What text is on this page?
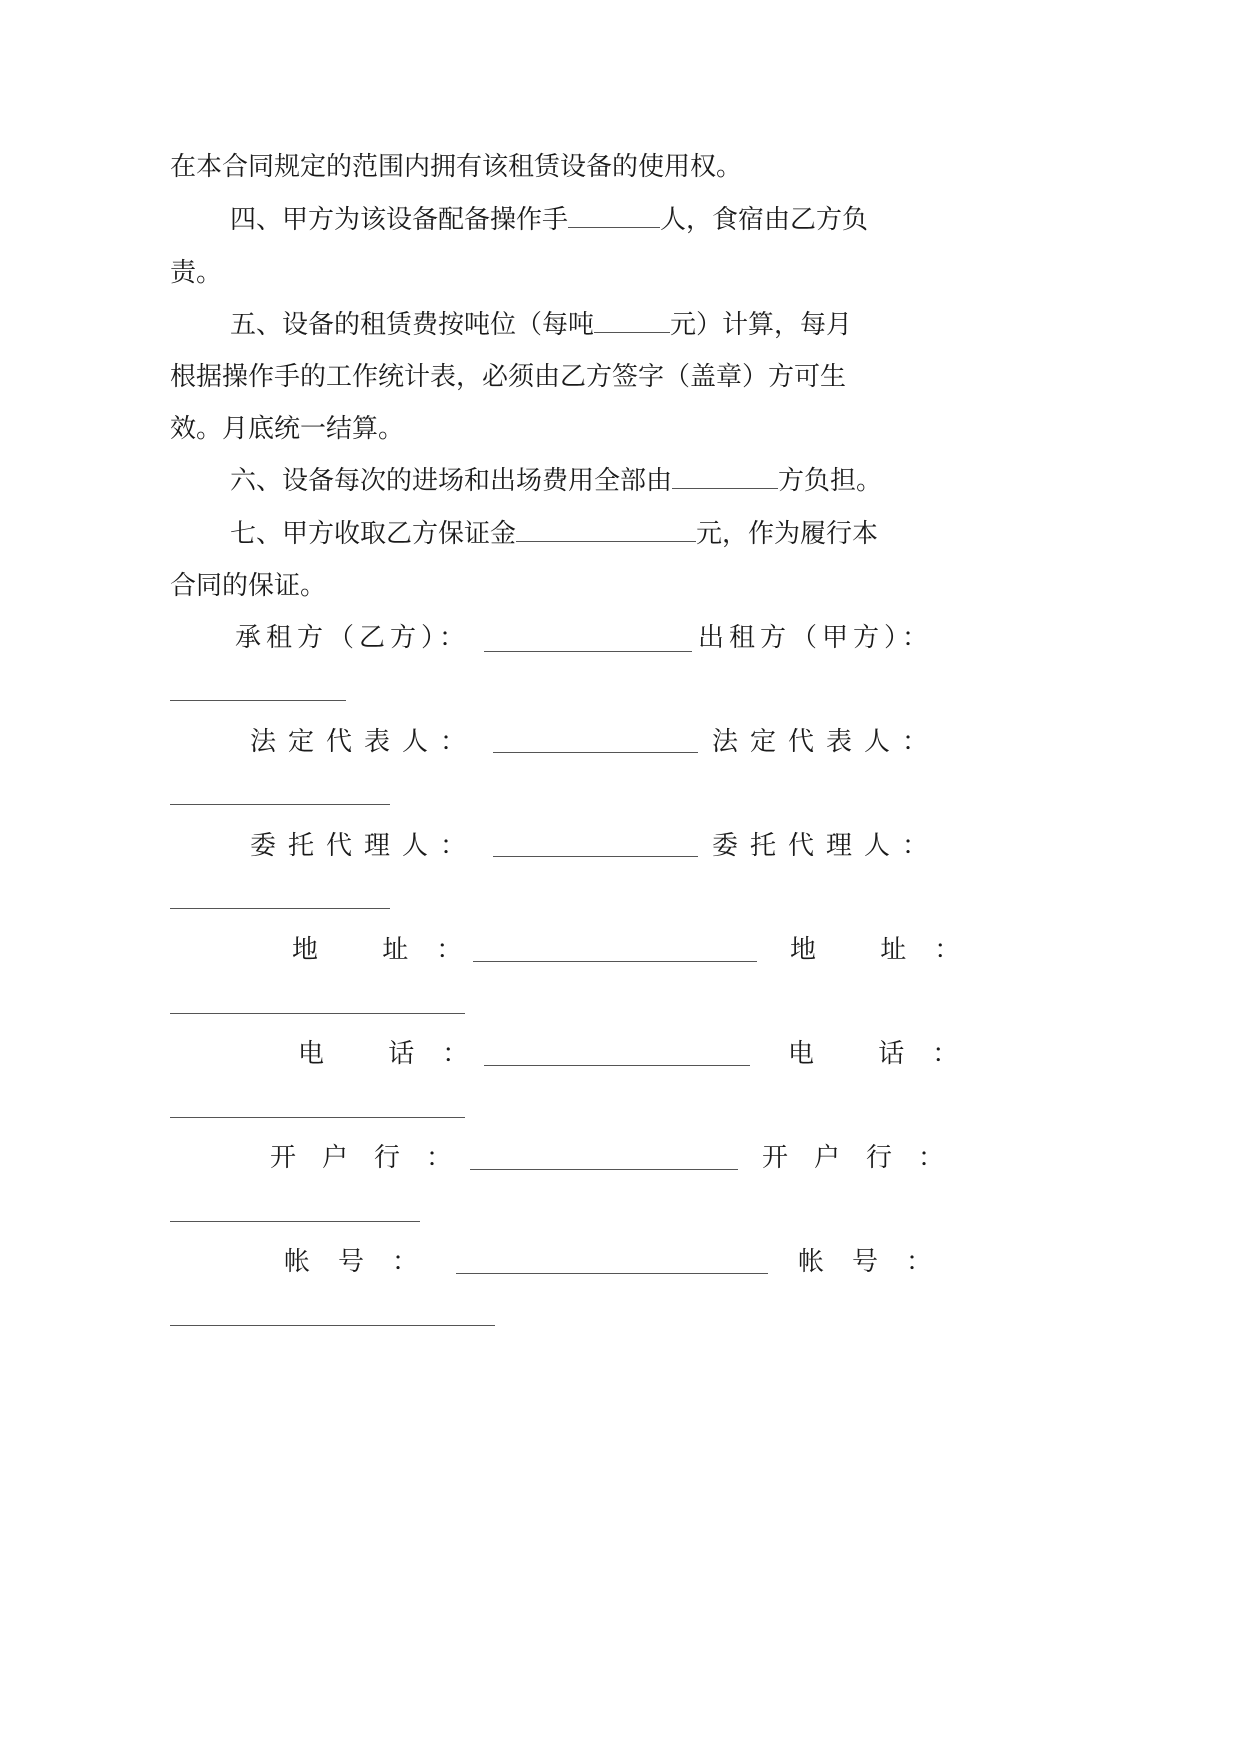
在本合同规定的范围内拥有该租赁设备的使用权。

四、甲方为该设备配备操作手	人，食宿由乙方负

责。

五、设备的租赁费按吨位（每吨	元）计算，每月

根据操作手的工作统计表，必须由乙方签字（盖章）方可生

效。月底统一结算。

六、设备每次的进场和出场费用全部由	方负担。

七、甲方收取乙方保证金	元，作为履行本

合同的保证。

承租方（乙方）：	出租方（甲方）：
法定代表人：	法定代表人：
委托代理人：	委托代理人：
地 址：	地 址：
电 话：	电 话：
开户行：	开户行：
帐号：	帐号：
